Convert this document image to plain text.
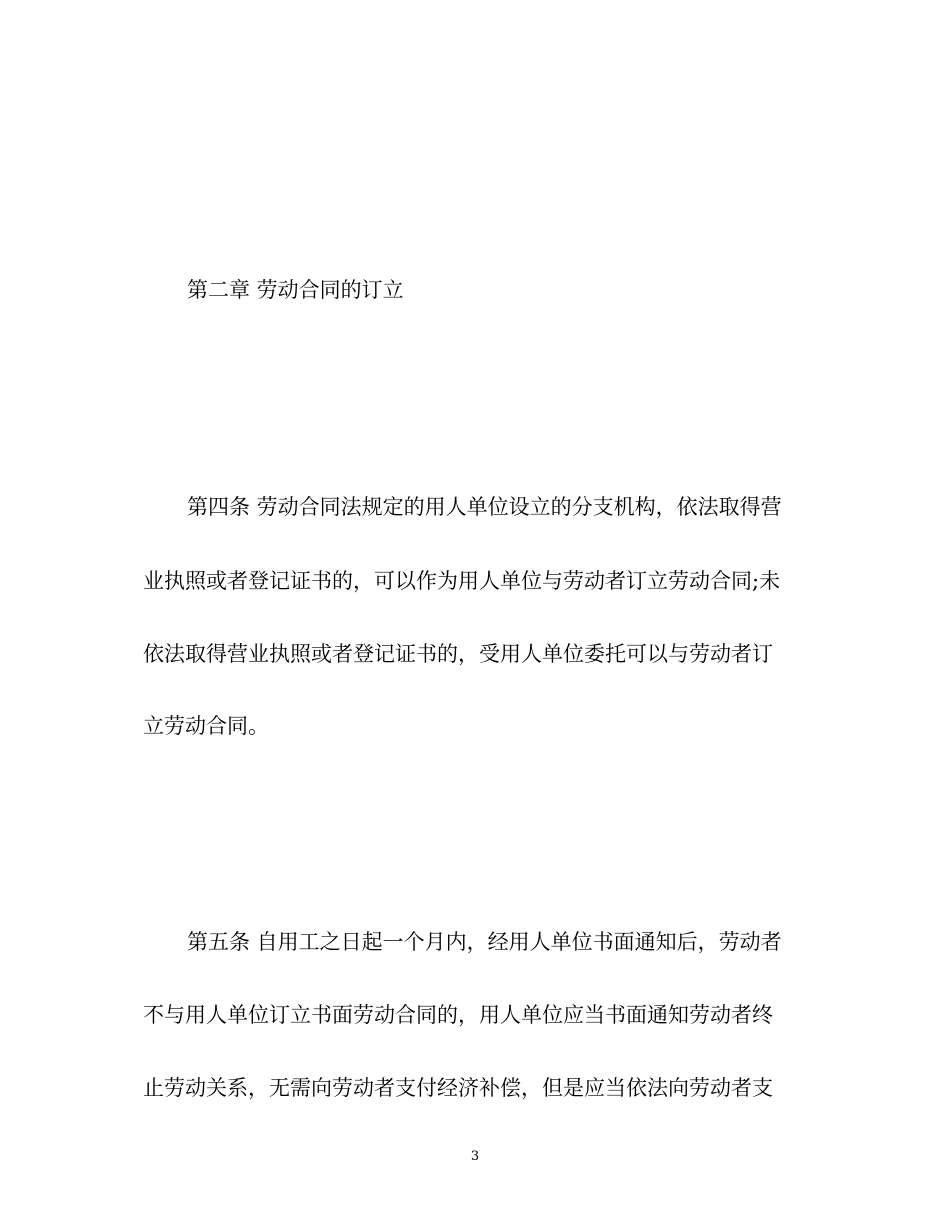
第二章 劳动合同的订立
第四条 劳动合同法规定的用人单位设立的分支机构，依法取得营
业执照或者登记证书的，可以作为用人单位与劳动者订立劳动合同;未
依法取得营业执照或者登记证书的，受用人单位委托可以与劳动者订
立劳动合同。
第五条 自用工之日起一个月内，经用人单位书面通知后，劳动者
不与用人单位订立书面劳动合同的，用人单位应当书面通知劳动者终
止劳动关系，无需向劳动者支付经济补偿，但是应当依法向劳动者支
3
